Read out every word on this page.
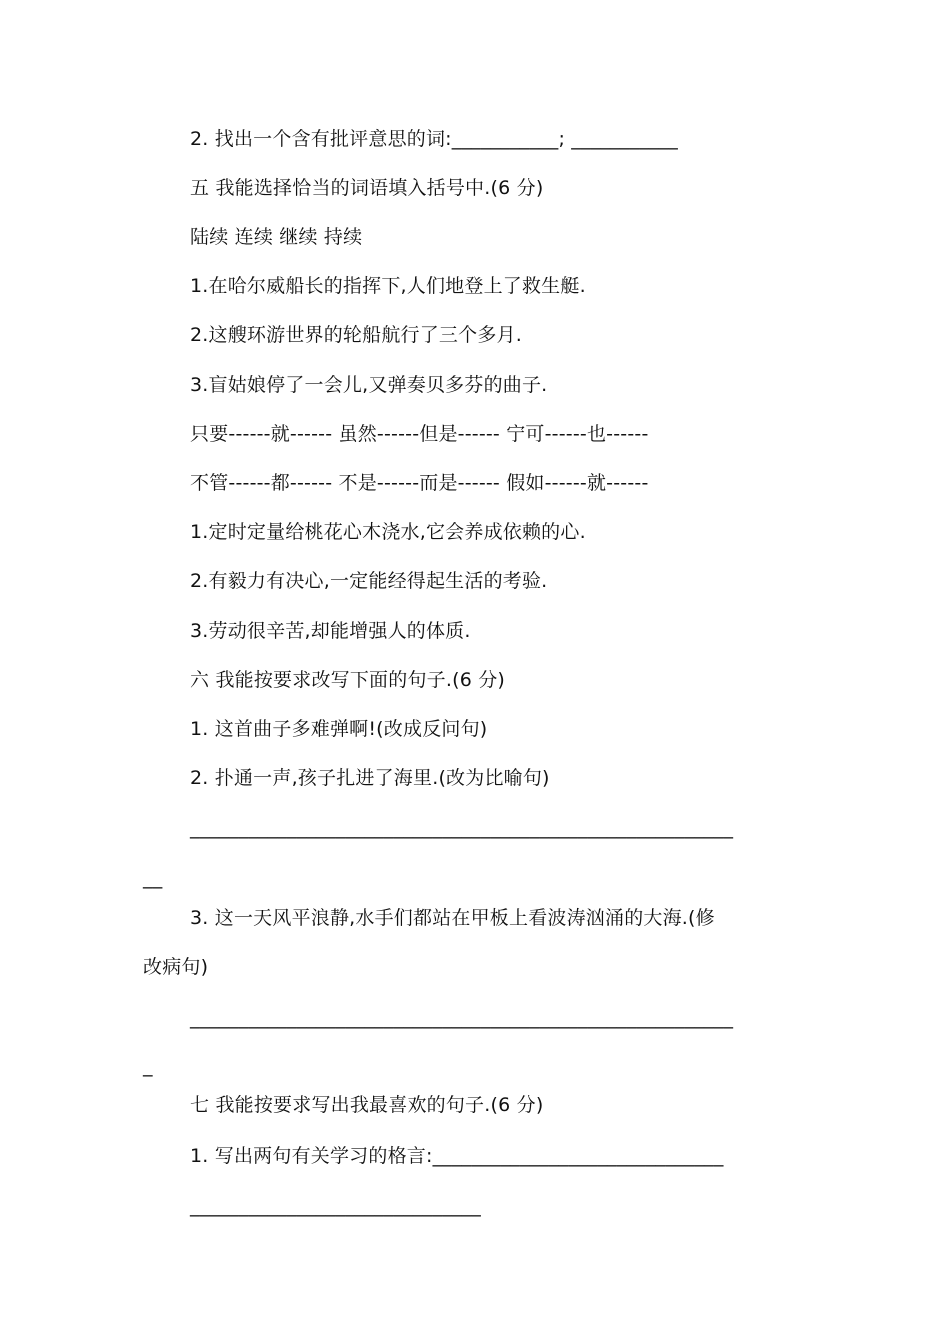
2. 找出一个含有批评意思的词:___________; ___________
五 我能选择恰当的词语填入括号中.(6 分)
陆续 连续 继续 持续
1.在哈尔威船长的指挥下,人们地登上了救生艇.
2.这艘环游世界的轮船航行了三个多月.
3.盲姑娘停了一会儿,又弹奏贝多芬的曲子.
只要------就------ 虽然------但是------ 宁可------也------
不管------都------ 不是------而是------ 假如------就------
1.定时定量给桃花心木浇水,它会养成依赖的心.
2.有毅力有决心,一定能经得起生活的考验.
3.劳动很辛苦,却能增强人的体质.
六 我能按要求改写下面的句子.(6 分)
1. 这首曲子多难弹啊!(改成反问句)
2. 扑通一声,孩子扎进了海里.(改为比喻句)
________________________________________________________
__
3. 这一天风平浪静,水手们都站在甲板上看波涛汹涌的大海.(修
改病句)
________________________________________________________
_
七 我能按要求写出我最喜欢的句子.(6 分)
1. 写出两句有关学习的格言:______________________________
______________________________
